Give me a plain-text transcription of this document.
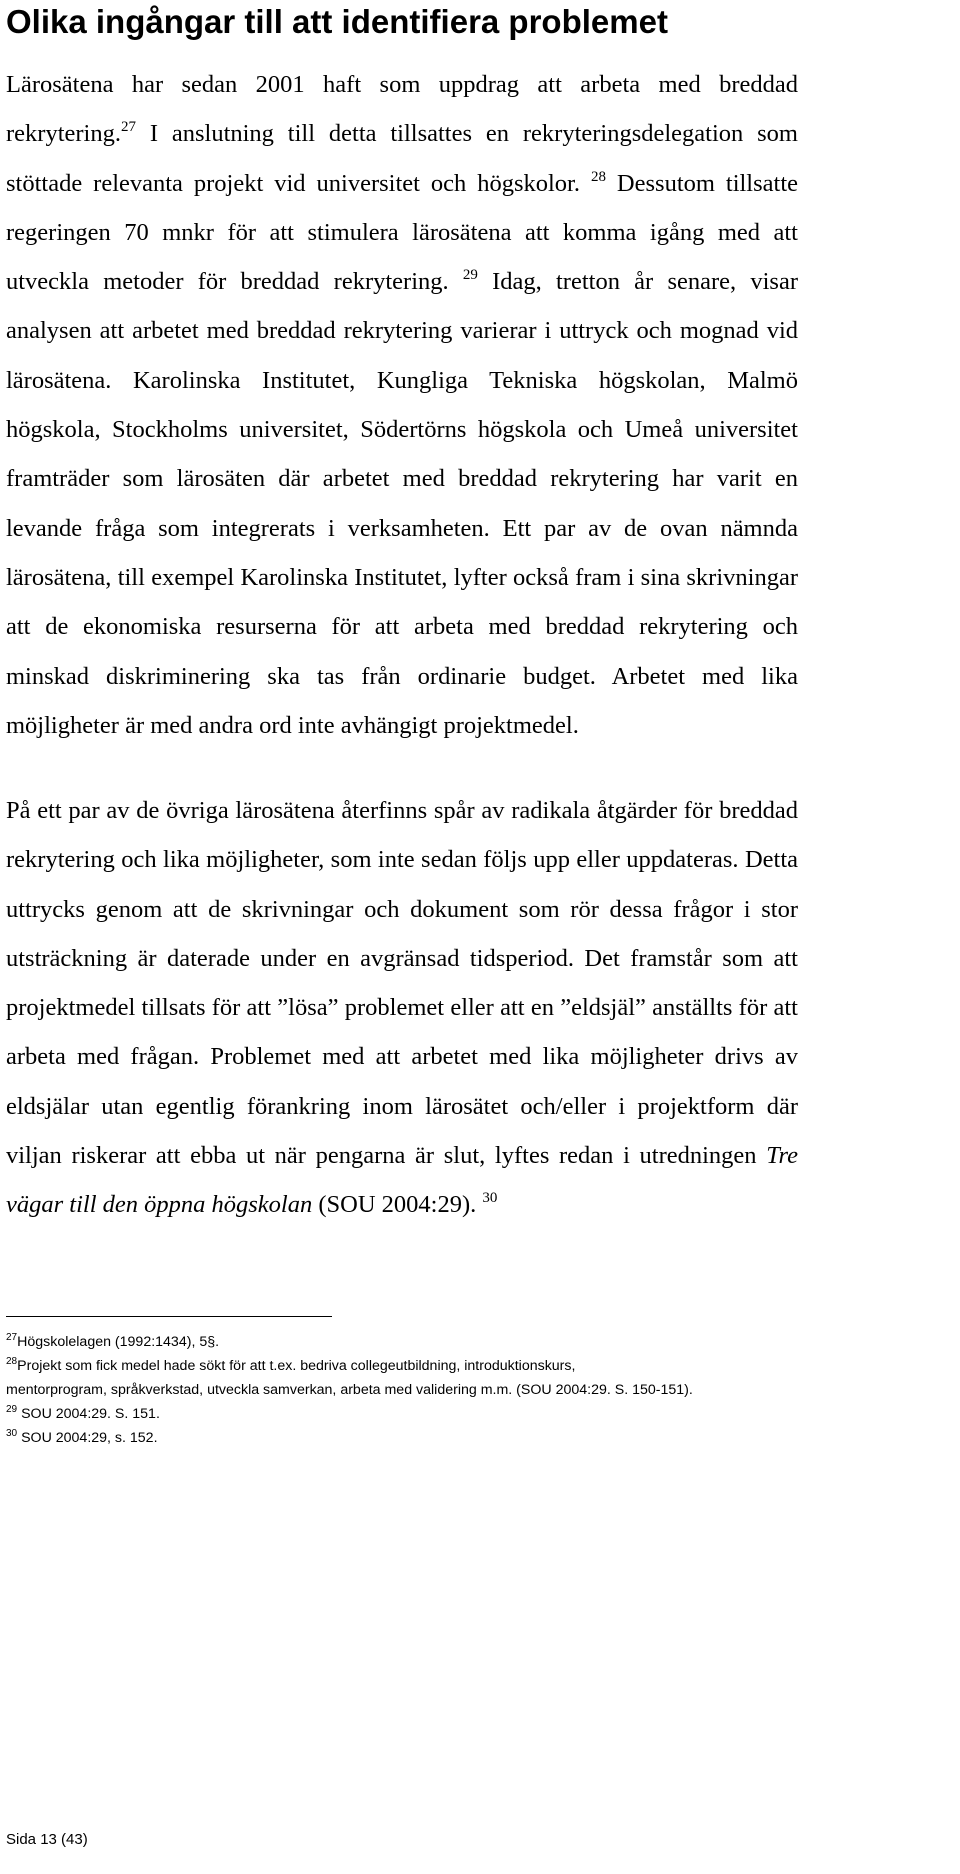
Olika ingångar till att identifiera problemet

Lärosätena har sedan 2001 haft som uppdrag att arbeta med breddad rekrytering.$^{27}$ I anslutning till detta tillsattes en rekryteringsdelegation som stöttade relevanta projekt vid universitet och högskolor. $^{28}$ Dessutom tillsatte regeringen 70 mnkr för att stimulera lärosätena att komma igång med att utveckla metoder för breddad rekrytering. $^{29}$ Idag, tretton år senare, visar analysen att arbetet med breddad rekrytering varierar i uttryck och mognad vid lärosätena. Karolinska Institutet, Kungliga Tekniska högskolan, Malmö högskola, Stockholms universitet, Södertörns högskola och Umeå universitet framträder som lärosäten där arbetet med breddad rekrytering har varit en levande fråga som integrerats i verksamheten. Ett par av de ovan nämnda lärosätena, till exempel Karolinska Institutet, lyfter också fram i sina skrivningar att de ekonomiska resurserna för att arbeta med breddad rekrytering och minskad diskriminering ska tas från ordinarie budget. Arbetet med lika möjligheter är med andra ord inte avhängigt projektmedel.

På ett par av de övriga lärosätena återfinns spår av radikala åtgärder för breddad rekrytering och lika möjligheter, som inte sedan följs upp eller uppdateras. Detta uttrycks genom att de skrivningar och dokument som rör dessa frågor i stor utsträckning är daterade under en avgränsad tidsperiod. Det framstår som att projektmedel tillsats för att ”lösa” problemet eller att en ”eldsjäl” anställts för att arbeta med frågan. Problemet med att arbetet med lika möjligheter drivs av eldsjälar utan egentlig förankring inom lärosätet och/eller i projektform där viljan riskerar att ebba ut när pengarna är slut, lyftes redan i utredningen Tre vägar till den öppna högskolan (SOU 2004:29). $^{30}$

$^{27}$Högskolelagen (1992:1434), 5§.
$^{28}$Projekt som fick medel hade sökt för att t.ex. bedriva collegeutbildning, introduktionskurs,
mentorprogram, språkverkstad, utveckla samverkan, arbeta med validering m.m. (SOU 2004:29. S. 150-151).
$^{29}$ SOU 2004:29. S. 151.
$^{30}$ SOU 2004:29, s. 152.
Sida 13 (43)
